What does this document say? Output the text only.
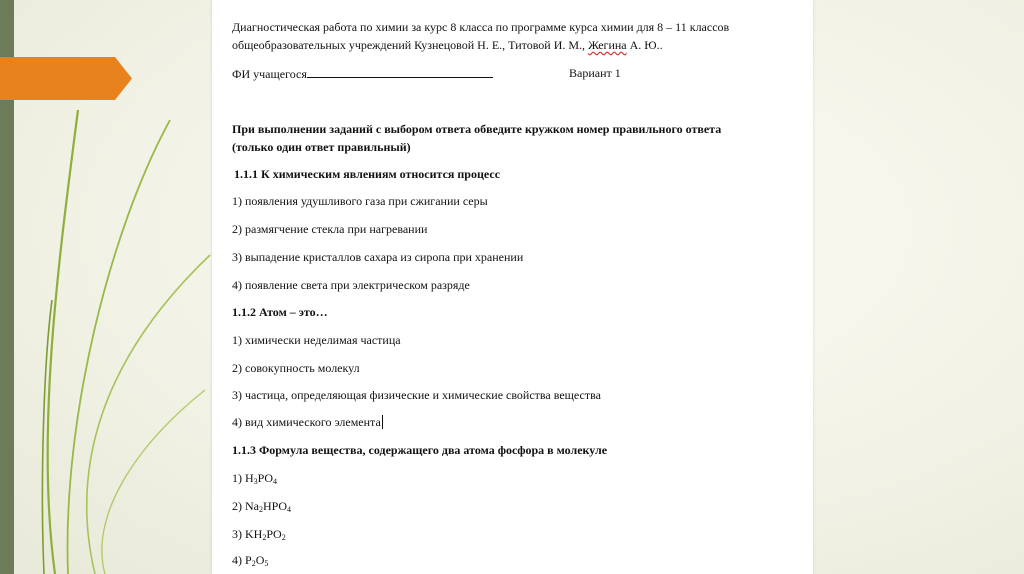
Диагностическая работа по химии за курс 8 класса по программе курса химии для 8 – 11 классов
общеобразовательных учреждений Кузнецовой Н. Е., Титовой И. М., Жегина А. Ю..
ФИ учащегося	Вариант 1
При выполнении заданий с выбором ответа обведите кружком номер правильного ответа
(только один ответ правильный)
1.1.1 К химическим явлениям относится процесс
1) появления удушливого газа при сжигании серы
2) размягчение стекла при нагревании
3) выпадение кристаллов сахара из сиропа при хранении
4) появление света при электрическом разряде
1.1.2 Атом – это…
1) химически неделимая частица
2) совокупность молекул
3) частица, определяющая физические и химические свойства вещества
4) вид химического элемента
1.1.3 Формула вещества, содержащего два атома фосфора в молекуле
1) $H_3PO_4$
2) $Na_2HPO_4$
3) $KH_2PO_2$
4) $P_2O_5$
